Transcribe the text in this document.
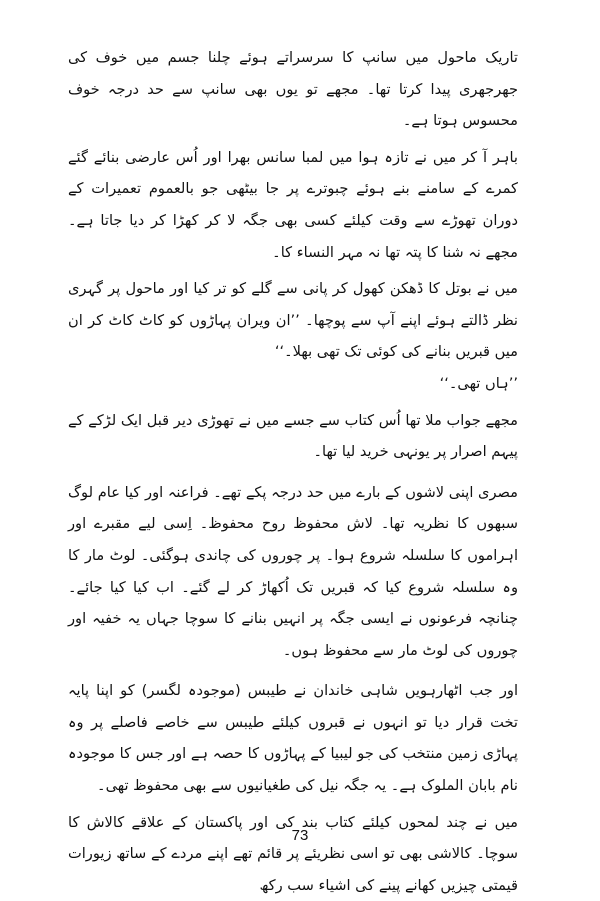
تاریک ماحول میں سانپ کا سرسراتے ہوئے چلنا جسم میں خوف کی جھرجھری پیدا کرتا تھا۔ مجھے تو یوں بھی سانپ سے حد درجہ خوف محسوس ہوتا ہے۔

باہر آ کر میں نے تازہ ہوا میں لمبا سانس بھرا اور اُس عارضی بنائے گئے کمرے کے سامنے بنے ہوئے چبوترے پر جا بیٹھی جو بالعموم تعمیرات کے دوران تھوڑے سے وقت کیلئے کسی بھی جگہ لا کر کھڑا کر دیا جاتا ہے۔ مجھے نہ شنا کا پتہ تھا نہ مہر النساء کا۔

میں نے بوتل کا ڈھکن کھول کر پانی سے گلے کو تر کیا اور ماحول پر گہری نظر ڈالتے ہوئے اپنے آپ سے پوچھا۔ ’’ان ویران پہاڑوں کو کاٹ کاٹ کر ان میں قبریں بنانے کی کوئی تک تھی بھلا۔‘‘

’’ہاں تھی۔‘‘

مجھے جواب ملا تھا اُس کتاب سے جسے میں نے تھوڑی دیر قبل ایک لڑکے کے پیہم اصرار پر یونہی خرید لیا تھا۔

مصری اپنی لاشوں کے بارے میں حد درجہ پکے تھے۔ فراعنہ اور کیا عام لوگ سبھوں کا نظریہ تھا۔ لاش محفوظ روح محفوظ۔ اِسی لیے مقبرے اور اہراموں کا سلسلہ شروع ہوا۔ پر چوروں کی چاندی ہوگئی۔ لوٹ مار کا وہ سلسلہ شروع کیا کہ قبریں تک اُکھاڑ کر لے گئے۔ اب کیا کیا جائے۔ چنانچہ فرعونوں نے ایسی جگہ پر انہیں بنانے کا سوچا جہاں یہ خفیہ اور چوروں کی لوٹ مار سے محفوظ ہوں۔

اور جب اٹھارہویں شاہی خاندان نے طیبس (موجودہ لگسر) کو اپنا پایہ تخت قرار دیا تو انہوں نے قبروں کیلئے طیبس سے خاصے فاصلے پر وہ پہاڑی زمین منتخب کی جو لیبیا کے پہاڑوں کا حصہ ہے اور جس کا موجودہ نام بابان الملوک ہے۔ یہ جگہ نیل کی طغیانیوں سے بھی محفوظ تھی۔

میں نے چند لمحوں کیلئے کتاب بند کی اور پاکستان کے علاقے کالاش کا سوچا۔ کالاشی بھی تو اسی نظریئے پر قائم تھے اپنے مردے کے ساتھ زیورات قیمتی چیزیں کھانے پینے کی اشیاء سب رکھ

73
